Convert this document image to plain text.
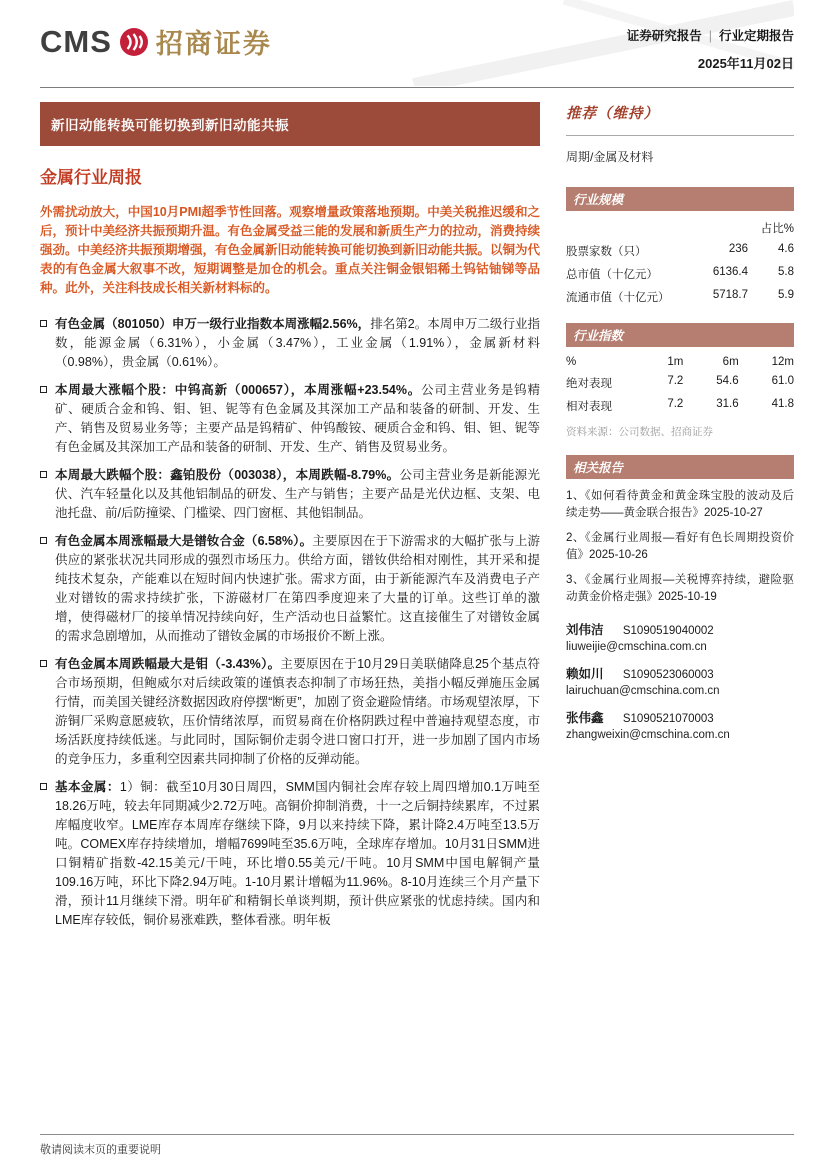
CMS 招商证券	证券研究报告 | 行业定期报告
2025年11月02日
新旧动能转换可能切换到新旧动能共振
金属行业周报

外需扰动放大，中国10月PMI超季节性回落。观察增量政策落地预期。中美关税推迟缓和之后，预计中美经济共振预期升温。有色金属受益三能的发展和新质生产力的拉动，消费持续强劲。中美经济共振预期增强，有色金属新旧动能转换可能切换到新旧动能共振。以铜为代表的有色金属大叙事不改，短期调整是加仓的机会。重点关注铜金银铝稀土钨钴铀锑等品种。此外，关注科技成长相关新材料标的。

有色金属（801050）申万一级行业指数本周涨幅2.56%，排名第2。本周申万二级行业指数，能源金属（6.31%），小金属（3.47%），工业金属（1.91%），金属新材料（0.98%），贵金属（0.61%）。

本周最大涨幅个股：中钨高新（000657），本周涨幅+23.54%。公司主营业务是钨精矿、硬质合金和钨、钼、钽、铌等有色金属及其深加工产品和装备的研制、开发、生产、销售及贸易业务等；主要产品是钨精矿、仲钨酸铵、硬质合金和钨、钼、钽、铌等有色金属及其深加工产品和装备的研制、开发、生产、销售及贸易业务。

本周最大跌幅个股：鑫铂股份（003038），本周跌幅-8.79%。公司主营业务是新能源光伏、汽车轻量化以及其他铝制品的研发、生产与销售；主要产品是光伏边框、支架、电池托盘、前/后防撞梁、门槛梁、四门窗框、其他铝制品。

有色金属本周涨幅最大是镨钕合金（6.58%）。主要原因在于下游需求的大幅扩张与上游供应的紧张状况共同形成的强烈市场压力。供给方面，镨钕供给相对刚性，其开采和提纯技术复杂，产能难以在短时间内快速扩张。需求方面，由于新能源汽车及消费电子产业对镨钕的需求持续扩张，下游磁材厂在第四季度迎来了大量的订单。这些订单的激增，使得磁材厂的接单情况持续向好，生产活动也日益繁忙。这直接催生了对镨钕金属的需求急剧增加，从而推动了镨钕金属的市场报价不断上涨。

有色金属本周跌幅最大是钼（-3.43%）。主要原因在于10月29日美联储降息25个基点符合市场预期，但鲍威尔对后续政策的谨慎表态抑制了市场狂热，美指小幅反弹施压金属行情，而美国关键经济数据因政府停摆“断更”，加剧了资金避险情绪。市场观望浓厚，下游铜厂采购意愿疲软，压价情绪浓厚，而贸易商在价格阴跌过程中普遍持观望态度，市场活跃度持续低迷。与此同时，国际铜价走弱令进口窗口打开，进一步加剧了国内市场的竞争压力，多重利空因素共同抑制了价格的反弹动能。

基本金属：1）铜：截至10月30日周四，SMM国内铜社会库存较上周四增加0.1万吨至18.26万吨，较去年同期减少2.72万吨。高铜价抑制消费，十一之后铜持续累库，不过累库幅度收窄。LME库存本周库存继续下降，9月以来持续下降，累计降2.4万吨至13.5万吨。COMEX库存持续增加，增幅7699吨至35.6万吨，全球库存增加。10月31日SMM进口铜精矿指数-42.15美元/干吨，环比增0.55美元/干吨。10月SMM中国电解铜产量109.16万吨，环比下降2.94万吨。1-10月累计增幅为11.96%。8-10月连续三个月产量下滑，预计11月继续下滑。明年矿和精铜长单谈判期，预计供应紧张的忧虑持续。国内和LME库存较低，铜价易涨难跌，整体看涨。明年板

推荐（维持）
周期/金属及材料
行业规模
占比%
股票家数（只）	236	4.6
总市值（十亿元）	6136.4	5.8
流通市值（十亿元）	5718.7	5.9
行业指数
%	1m	6m	12m
绝对表现	7.2	54.6	61.0
相对表现	7.2	31.6	41.8
资料来源：公司数据、招商证券
相关报告
1、《如何看待黄金和黄金珠宝股的波动及后续走势——黄金联合报告》2025-10-27
2、《金属行业周报—看好有色长周期投资价值》2025-10-26
3、《金属行业周报—关税博弈持续，避险驱动黄金价格走强》2025-10-19
刘伟洁 S1090519040002
liuweijie@cmschina.com.cn
赖如川 S1090523060003
lairuchuan@cmschina.com.cn
张伟鑫 S1090521070003
zhangweixin@cmschina.com.cn
敬请阅读末页的重要说明
